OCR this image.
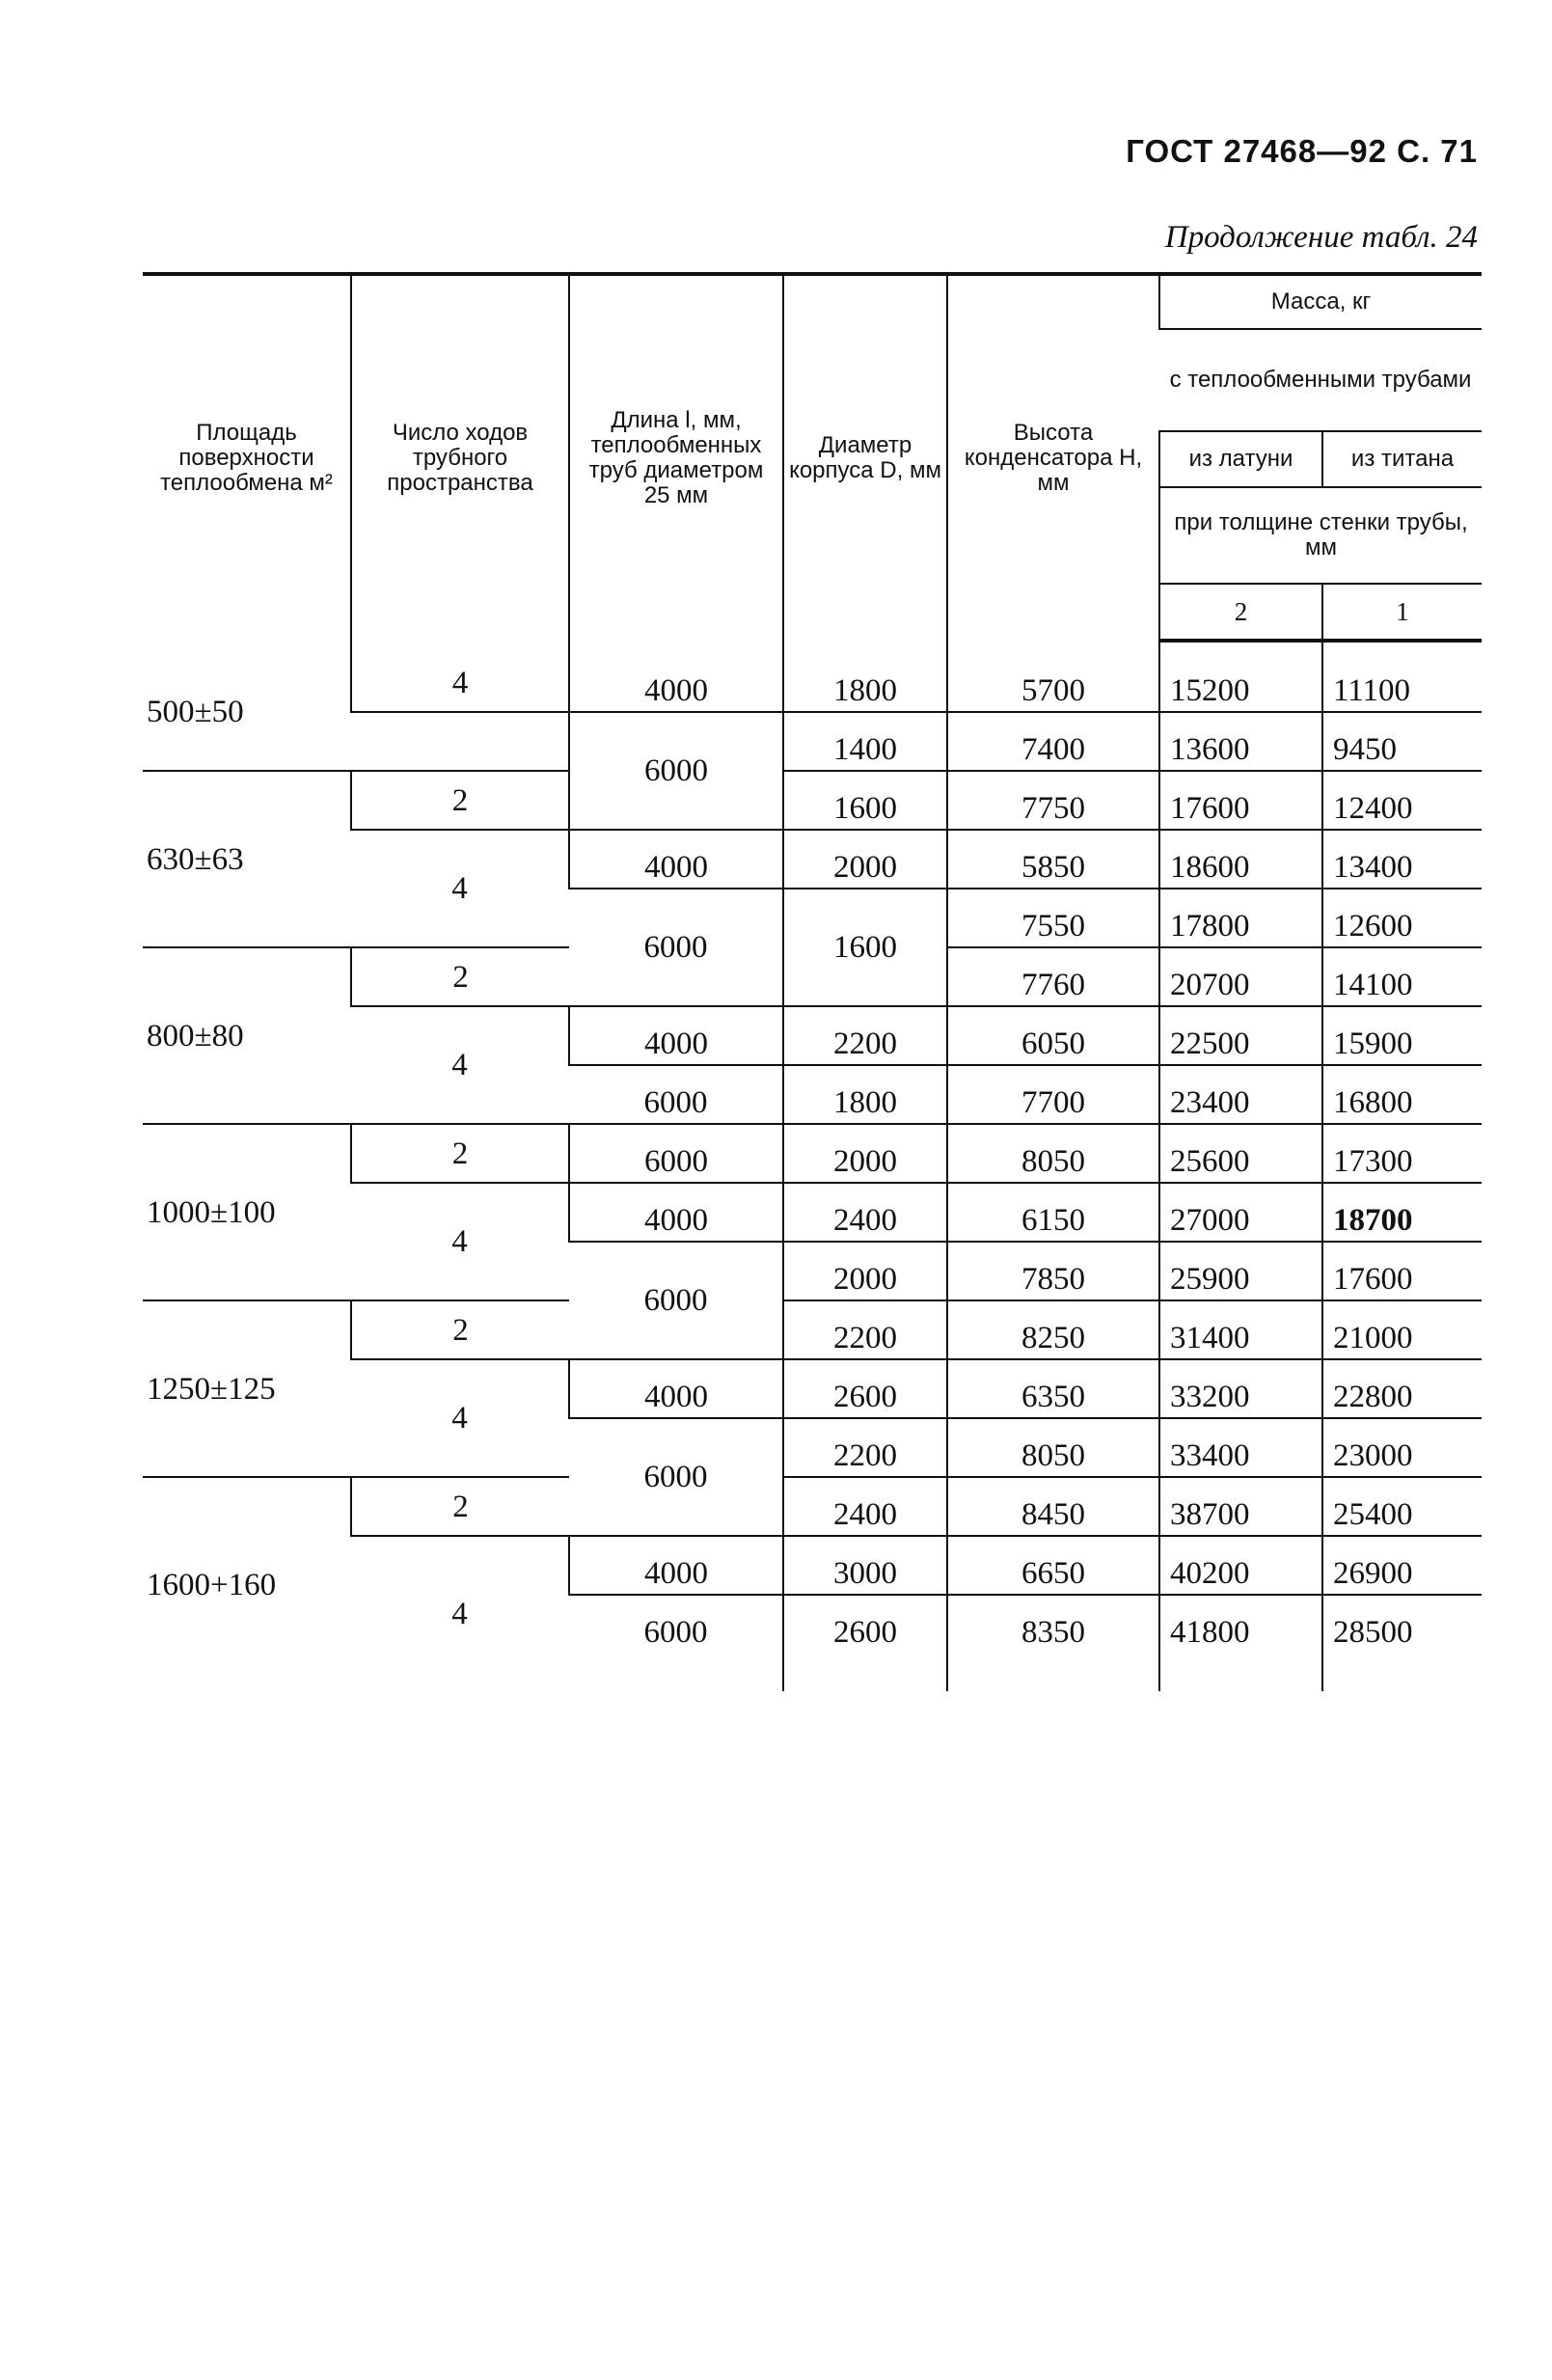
ГОСТ 27468—92 С. 71
Продолжение табл. 24
Площадь поверхности теплообмена м²	Число ходов трубного пространства	Длина l, мм, теплообменных труб диаметром 25 мм	Диаметр корпуса D, мм	Высота конденсатора H, мм	Масса, кг	
					с теплообменными трубами	
					из латуни	из титана
					при толщине стенки трубы, мм	
					2	1

500±50	4	4000	1800	5700	15200	11100
		6000	1400	7400	13600	9450
630±63	2		1600	7750	17600	12400
	4	4000	2000	5850	18600	13400
		6000	1600	7550	17800	12600
800±80	2			7760	20700	14100
	4	4000	2200	6050	22500	15900
		6000	1800	7700	23400	16800
1000±100	2	6000	2000	8050	25600	17300
	4	4000	2400	6150	27000	18700
		6000	2000	7850	25900	17600
1250±125	2		2200	8250	31400	21000
	4	4000	2600	6350	33200	22800
		6000	2200	8050	33400	23000
1600+160	2		2400	8450	38700	25400
	4	4000	3000	6650	40200	26900
		6000	2600	8350	41800	28500
